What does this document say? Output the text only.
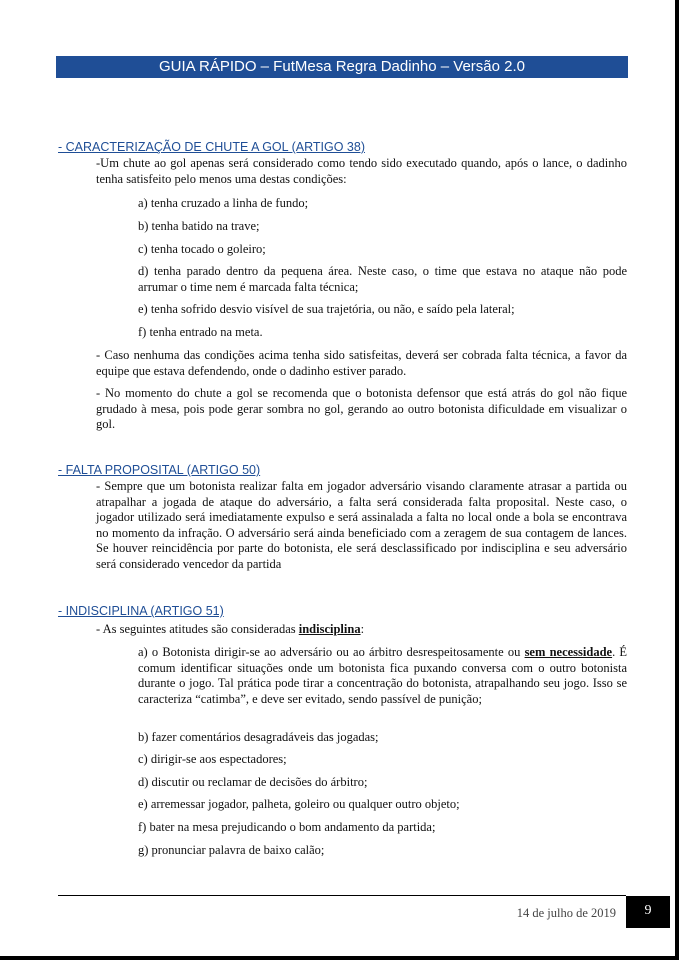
GUIA RÁPIDO – FutMesa Regra Dadinho – Versão 2.0
- CARACTERIZAÇÃO DE CHUTE A GOL (ARTIGO 38)
-Um chute ao gol apenas será considerado como tendo sido executado quando, após o lance, o dadinho tenha satisfeito pelo menos uma destas condições:
a) tenha cruzado a linha de fundo;
b) tenha batido na trave;
c) tenha tocado o goleiro;
d) tenha parado dentro da pequena área. Neste caso, o time que estava no ataque não pode arrumar o time nem é marcada falta técnica;
e) tenha sofrido desvio visível de sua trajetória, ou não, e saído pela lateral;
f) tenha entrado na meta.
- Caso nenhuma das condições acima tenha sido satisfeitas, deverá ser cobrada falta técnica, a favor da equipe que estava defendendo, onde o dadinho estiver parado.
- No momento do chute a gol se recomenda que o botonista defensor que está atrás do gol não fique grudado à mesa, pois pode gerar sombra no gol, gerando ao outro botonista dificuldade em visualizar o gol.
- FALTA PROPOSITAL (ARTIGO 50)
- Sempre que um botonista realizar falta em jogador adversário visando claramente atrasar a partida ou atrapalhar a jogada de ataque do adversário, a falta será considerada falta proposital. Neste caso, o jogador utilizado será imediatamente expulso e será assinalada a falta no local onde a bola se encontrava no momento da infração. O adversário será ainda beneficiado com a zeragem de sua contagem de lances. Se houver reincidência por parte do botonista, ele será desclassificado por indisciplina e seu adversário será considerado vencedor da partida
- INDISCIPLINA (ARTIGO 51)
- As seguintes atitudes são consideradas indisciplina:
a) o Botonista dirigir-se ao adversário ou ao árbitro desrespeitosamente ou sem necessidade. É comum identificar situações onde um botonista fica puxando conversa com o outro botonista durante o jogo. Tal prática pode tirar a concentração do botonista, atrapalhando seu jogo. Isso se caracteriza “catimba”, e deve ser evitado, sendo passível de punição;
b) fazer comentários desagradáveis das jogadas;
c) dirigir-se aos espectadores;
d) discutir ou reclamar de decisões do árbitro;
e) arremessar jogador, palheta, goleiro ou qualquer outro objeto;
f) bater na mesa prejudicando o bom andamento da partida;
g) pronunciar palavra de baixo calão;
14 de julho de 2019	9
